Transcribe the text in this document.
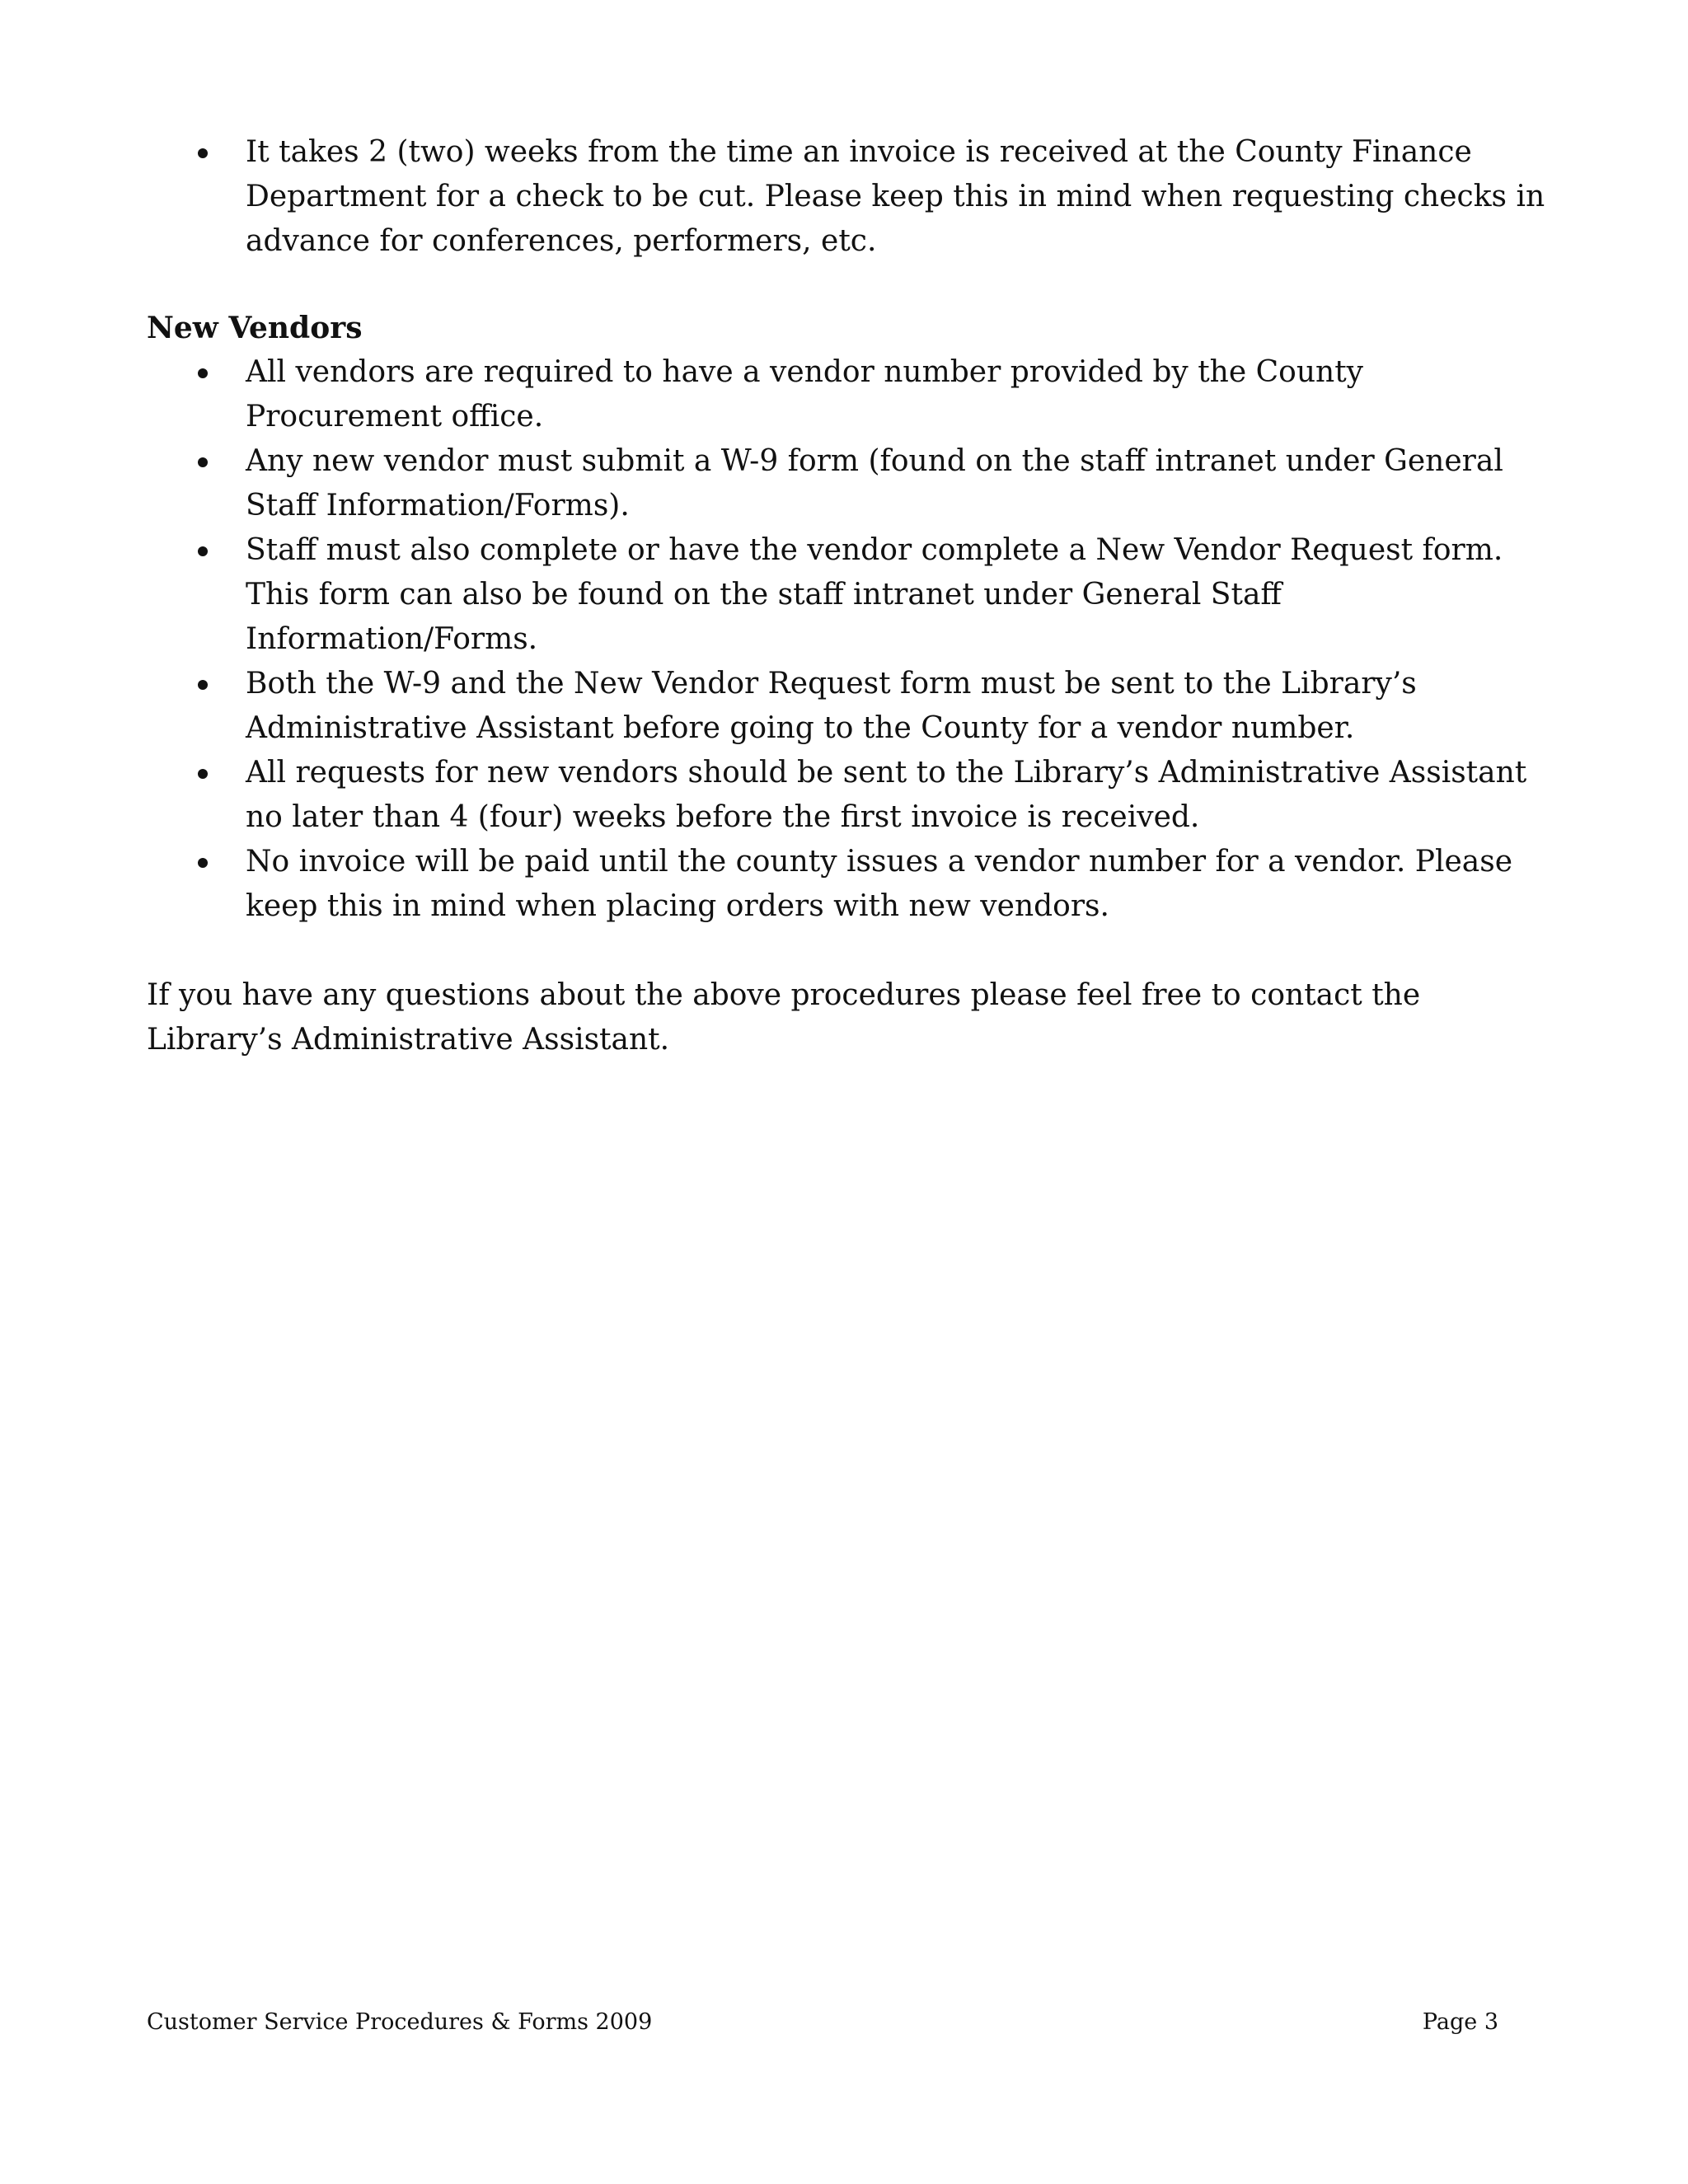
It takes 2 (two) weeks from the time an invoice is received at the County Finance Department for a check to be cut. Please keep this in mind when requesting checks in advance for conferences, performers, etc.
New Vendors
All vendors are required to have a vendor number provided by the County Procurement office.
Any new vendor must submit a W-9 form (found on the staff intranet under General Staff Information/Forms).
Staff must also complete or have the vendor complete a New Vendor Request form. This form can also be found on the staff intranet under General Staff Information/Forms.
Both the W-9 and the New Vendor Request form must be sent to the Library’s Administrative Assistant before going to the County for a vendor number.
All requests for new vendors should be sent to the Library’s Administrative Assistant no later than 4 (four) weeks before the first invoice is received.
No invoice will be paid until the county issues a vendor number for a vendor. Please keep this in mind when placing orders with new vendors.

If you have any questions about the above procedures please feel free to contact the Library’s Administrative Assistant.

Customer Service Procedures & Forms 2009	Page 3
